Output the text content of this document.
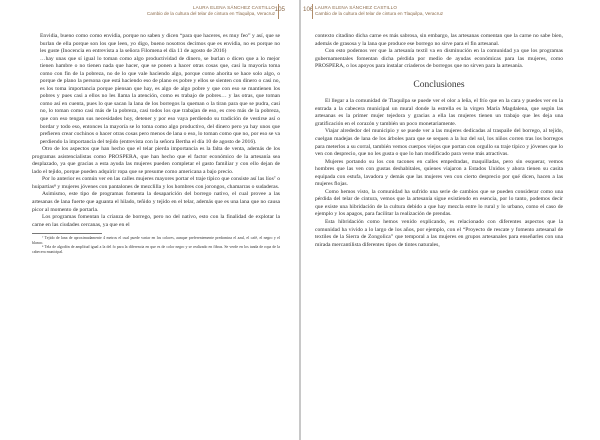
LAURA ELENA SÁNCHEZ CASTILLO
Cambio de la cultura del telar de cintura en Tlaquilpa, Veracruz
105

Envidia, bueno como como envidia, porque no saben y dicen “para que haceres, es muy feo” y así, que se burlan de ella porque son los que leen, yo digo, bueno nosotros decimos que es envidia, no es porque no les guste (Inocencia en entrevista a la señora Filomena el día 11 de agosto de 2016)

…hay unas que sí igual lo toman como algo productividad de dinero, se burlan o dicen que a lo mejor tienen hambre o no tienen nada que hacer, que se ponen a hacer otras cosas que, casi la mayoría toma como con fin de la pobreza, no de lo que vale haciendo algo, porque como ahorita se hace solo algo, o porque de plano la persona que está haciendo eso de plano es pobre y ellos se sienten con dinero o casi no, es los toma importancia porque piensan que hay, es algo de algo pobre y que con eso se mantienen los pobres y pues casi a ellos no les llama la atención, como es trabajo de pobres… y las otras, que toman como así en cuenta, pues lo que sacan la lana de los borregos la queman o la tiran para que se pudra, casi no, lo toman como casi más de la pobreza, casi todos los que trabajan de eso, es creo más de la pobreza, que con eso tengan sus necesidades hoy, detener y por eso vaya perdiendo su tradición de vestirse así o bordar y todo eso, entonces la mayoría se lo toma como algo productivo, del dinero pero ya hay unos que prefieren crear cochinos o hacer otras cosas pero menos de lana o eso, lo toman como que no, por eso se va perdiendo la importancia del tejido (entrevista con la señora Bertha el día 10 de agosto de 2016).

Otro de los aspectos que han hecho que el telar pierda importancia es la falta de venta, además de los programas asistencialistas como PROSPERA, que han hecho que el factor económico de la artesanía sea desplazado, ya que gracias a esta ayuda las mujeres pueden completar el gasto familiar y con ello dejan de lado el tejido, porque pueden adquirir ropa que se presume como americana a bajo precio.

Por lo anterior es común ver en las calles mujeres mayores portar el traje típico que consiste así las líos⁷ o huipartias⁸ y mujeres jóvenes con pantalones de mezclilla y los hombres con jorongos, chamarras o sudaderas.

Asimismo, este tipo de programas fomenta la desaparición del borrego nativo, el cual provee a las artesanas de lana fuerte que aguanta el hilado, teñido y tejido en el telar, además que es una lana que no causa picor al momento de portarla.

Los programas fomentan la crianza de borrego, pero no del nativo, esto con la finalidad de explotar la carne en las ciudades cercanas, ya que en el

⁷ Tejido de lana de aproximadamente 4 metros el cual puede variar en los colores, aunque preferentemente predomina el azul, el café, el negro y el blanco.

⁸ Tela de algodón de amplitud igual a la del fo para la diferencia en que es de color negro y se realizado en fibras. Se verde en los tanda de ropa de la cabecera municipal.

106 LAURA ELENA SÁNCHEZ CASTILLO
Cambio de la cultura del telar de cintura en Tlaquilpa, Veracruz

contexto citadino dicha carne es más sabrosa, sin embargo, las artesanas comentan que la carne no sabe bien, además de grasosa y la lana que produce ese borrego no sirve para el fin artesanal.

Con esto podemos ver que la artesanía textil va en disminución en la comunidad ya que los programas gubernamentales fomentan dicha pérdida por medio de ayudas económicas para las mujeres, como PROSPERA, o los apoyos para instalar criaderos de borregos que no sirven para la artesanía.

Conclusiones

El llegar a la comunidad de Tlaquilpa se puede ver el olor a leña, el frío que en la cara y puedes ver en la entrada a la cabecera municipal un mural donde la estrella es la virgen María Magdalena, que según las artesanas es la primer mujer tejedora y gracias a ella las mujeres tienen un trabajo que les deja una gratificación en el corazón y también un poco monetariamente.

Viajar alrededor del municipio y se puede ver a las mujeres dedicadas al traspaile del borrego, al tejido, cuelgan madejas de lana de los árboles para que se sequen a la luz del sol, los niños corren tras los borregos para meterlos a su corral, también vemos cuerpos viejos que portan con orgullo su traje típico y jóvenes que lo ven con desprecio, que no les gusta o que lo han modificado para verse más atractivas.

Mujeres portando su los con tacones en calles empedradas, maquilladas, pero sin esquerar, vemos hombres que las ven con gustas deshabitales, quienes viajaron a Estados Unidos y ahora tienen su casita equipada con estufa, lavadora y demás que las mujeres ven con cierto desprecio por qué dicen, hacen a las mujeres flojas.

Como hemos visto, la comunidad ha sufrido una serie de cambios que se pueden considerar como una pérdida del telar de cintura, vemos que la artesanía sigue existiendo en esencia, por lo tanto, podemos decir que existe una hibridación de la cultura debido a que hay mezcla entre lo rural y lo urbano, como el caso de ejemplo y los apagos, para facilitar la realización de prendas.

Esta hibridación como hemos venido explicando, es relacionado con diferentes aspectos que la comunidad ha vivido a lo largo de los años, por ejemplo, con el “Proyecto de rescate y fomento artesanal de textiles de la Sierra de Zongolica” que temporal a las mujeres en grupos artesanales para enseñarles con una mirada mercantilista diferentes tipos de tintes naturales,
